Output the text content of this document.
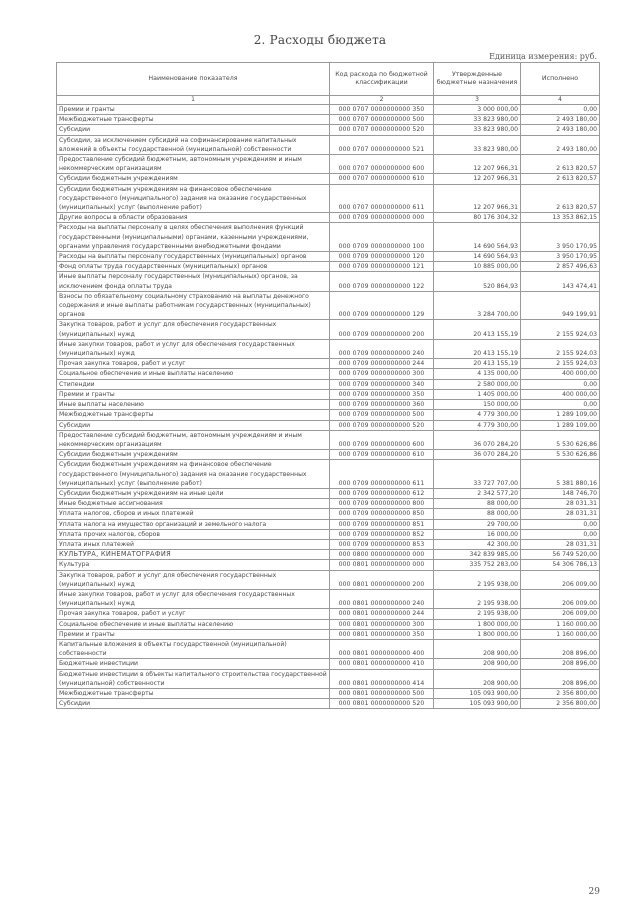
2. Расходы бюджета
Единица измерения: руб.
Наименование показателя	Код расхода по бюджетной классификации	Утвержденные бюджетные назначения	Исполнено
1	2	3	4
Премии и гранты	000 0707 0000000000 350	3 000 000,00	0,00
Межбюджетные трансферты	000 0707 0000000000 500	33 823 980,00	2 493 180,00
Субсидии	000 0707 0000000000 520	33 823 980,00	2 493 180,00
Субсидии, за исключением субсидий на софинансирование капитальных вложений в объекты государственной (муниципальной) собственности	000 0707 0000000000 521	33 823 980,00	2 493 180,00
Предоставление субсидий бюджетным, автономным учреждениям и иным некоммерческим организациям	000 0707 0000000000 600	12 207 966,31	2 613 820,57
Субсидии бюджетным учреждениям	000 0707 0000000000 610	12 207 966,31	2 613 820,57
Субсидии бюджетным учреждениям на финансовое обеспечение государственного (муниципального) задания на оказание государственных (муниципальных) услуг (выполнение работ)	000 0707 0000000000 611	12 207 966,31	2 613 820,57
Другие вопросы в области образования	000 0709 0000000000 000	80 176 304,32	13 353 862,15
Расходы на выплаты персоналу в целях обеспечения выполнения функций государственными (муниципальными) органами, казенными учреждениями, органами управления государственными внебюджетными фондами	000 0709 0000000000 100	14 690 564,93	3 950 170,95
Расходы на выплаты персоналу государственных (муниципальных) органов	000 0709 0000000000 120	14 690 564,93	3 950 170,95
Фонд оплаты труда государственных (муниципальных) органов	000 0709 0000000000 121	10 885 000,00	2 857 496,63
Иные выплаты персоналу государственных (муниципальных) органов, за исключением фонда оплаты труда	000 0709 0000000000 122	520 864,93	143 474,41
Взносы по обязательному социальному страхованию на выплаты денежного содержания и иные выплаты работникам государственных (муниципальных) органов	000 0709 0000000000 129	3 284 700,00	949 199,91
Закупка товаров, работ и услуг для обеспечения государственных (муниципальных) нужд	000 0709 0000000000 200	20 413 155,19	2 155 924,03
Иные закупки товаров, работ и услуг для обеспечения государственных (муниципальных) нужд	000 0709 0000000000 240	20 413 155,19	2 155 924,03
Прочая закупка товаров, работ и услуг	000 0709 0000000000 244	20 413 155,19	2 155 924,03
Социальное обеспечение и иные выплаты населению	000 0709 0000000000 300	4 135 000,00	400 000,00
Стипендии	000 0709 0000000000 340	2 580 000,00	0,00
Премии и гранты	000 0709 0000000000 350	1 405 000,00	400 000,00
Иные выплаты населению	000 0709 0000000000 360	150 000,00	0,00
Межбюджетные трансферты	000 0709 0000000000 500	4 779 300,00	1 289 109,00
Субсидии	000 0709 0000000000 520	4 779 300,00	1 289 109,00
Предоставление субсидий бюджетным, автономным учреждениям и иным некоммерческим организациям	000 0709 0000000000 600	36 070 284,20	5 530 626,86
Субсидии бюджетным учреждениям	000 0709 0000000000 610	36 070 284,20	5 530 626,86
Субсидии бюджетным учреждениям на финансовое обеспечение государственного (муниципального) задания на оказание государственных (муниципальных) услуг (выполнение работ)	000 0709 0000000000 611	33 727 707,00	5 381 880,16
Субсидии бюджетным учреждениям на иные цели	000 0709 0000000000 612	2 342 577,20	148 746,70
Иные бюджетные ассигнования	000 0709 0000000000 800	88 000,00	28 031,31
Уплата налогов, сборов и иных платежей	000 0709 0000000000 850	88 000,00	28 031,31
Уплата налога на имущество организаций и земельного налога	000 0709 0000000000 851	29 700,00	0,00
Уплата прочих налогов, сборов	000 0709 0000000000 852	16 000,00	0,00
Уплата иных платежей	000 0709 0000000000 853	42 300,00	28 031,31
КУЛЬТУРА, КИНЕМАТОГРАФИЯ	000 0800 0000000000 000	342 839 985,00	56 749 520,00
Культура	000 0801 0000000000 000	335 752 283,00	54 306 786,13
Закупка товаров, работ и услуг для обеспечения государственных (муниципальных) нужд	000 0801 0000000000 200	2 195 938,00	206 009,00
Иные закупки товаров, работ и услуг для обеспечения государственных (муниципальных) нужд	000 0801 0000000000 240	2 195 938,00	206 009,00
Прочая закупка товаров, работ и услуг	000 0801 0000000000 244	2 195 938,00	206 009,00
Социальное обеспечение и иные выплаты населению	000 0801 0000000000 300	1 800 000,00	1 160 000,00
Премии и гранты	000 0801 0000000000 350	1 800 000,00	1 160 000,00
Капитальные вложения в объекты государственной (муниципальной) собственности	000 0801 0000000000 400	208 900,00	208 896,00
Бюджетные инвестиции	000 0801 0000000000 410	208 900,00	208 896,00
Бюджетные инвестиции в объекты капитального строительства государственной (муниципальной) собственности	000 0801 0000000000 414	208 900,00	208 896,00
Межбюджетные трансферты	000 0801 0000000000 500	105 093 900,00	2 356 800,00
Субсидии	000 0801 0000000000 520	105 093 900,00	2 356 800,00
29
